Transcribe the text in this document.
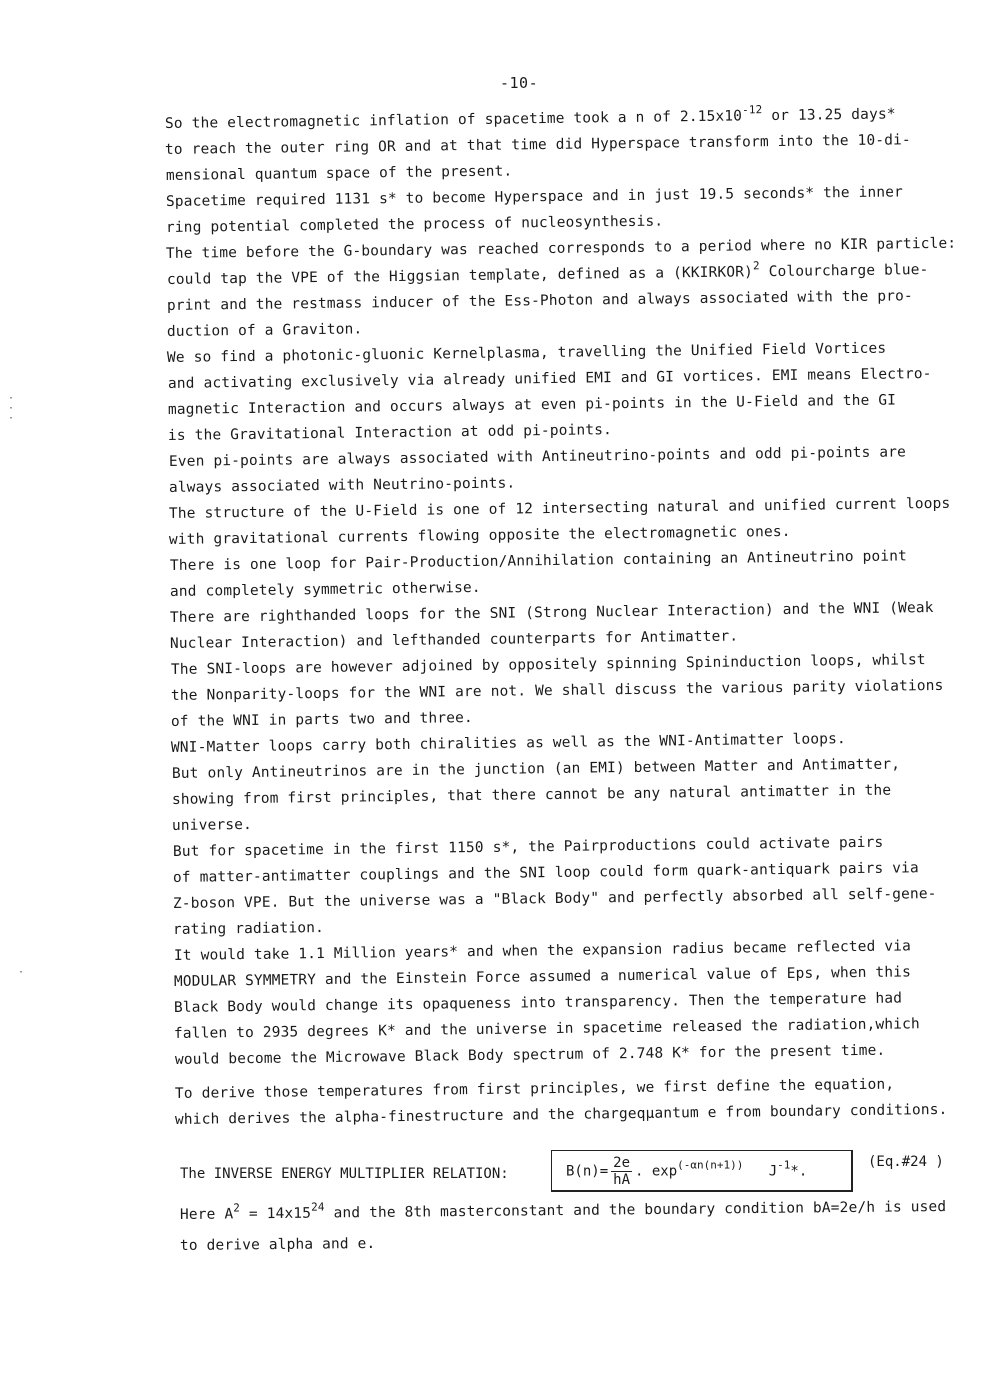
-10-
So the electromagnetic inflation of spacetime took a n of $2.15x10^{-12}$ or 13.25 days*
to reach the outer ring OR and at that time did Hyperspace transform into the 10-di-
mensional quantum space of the present.
Spacetime required 1131 s* to become Hyperspace and in just 19.5 seconds* the inner
ring potential completed the process of nucleosynthesis.
The time before the G-boundary was reached corresponds to a period where no KIR particle:
could tap the VPE of the Higgsian template, defined as a (KKIRKOR)$^2$ Colourcharge blue-
print and the restmass inducer of the Ess-Photon and always associated with the pro-
duction of a Graviton.
We so find a photonic-gluonic Kernelplasma, travelling the Unified Field Vortices
and activating exclusively via already unified EMI and GI vortices. EMI means Electro-
magnetic Interaction and occurs always at even pi-points in the U-Field and the GI
is the Gravitational Interaction at odd pi-points.
Even pi-points are always associated with Antineutrino-points and odd pi-points are
always associated with Neutrino-points.
The structure of the U-Field is one of 12 intersecting natural and unified current loops
with gravitational currents flowing opposite the electromagnetic ones.
There is one loop for Pair-Production/Annihilation containing an Antineutrino point
and completely symmetric otherwise.
There are righthanded loops for the SNI (Strong Nuclear Interaction) and the WNI (Weak
Nuclear Interaction) and lefthanded counterparts for Antimatter.
The SNI-loops are however adjoined by oppositely spinning Spininduction loops, whilst
the Nonparity-loops for the WNI are not. We shall discuss the various parity violations
of the WNI in parts two and three.
WNI-Matter loops carry both chiralities as well as the WNI-Antimatter loops.
But only Antineutrinos are in the junction (an EMI) between Matter and Antimatter,
showing from first principles, that there cannot be any natural antimatter in the
universe.
But for spacetime in the first 1150 s*, the Pairproductions could activate pairs
of matter-antimatter couplings and the SNI loop could form quark-antiquark pairs via
Z-boson VPE. But the universe was a "Black Body" and perfectly absorbed all self-gene-
rating radiation.
It would take 1.1 Million years* and when the expansion radius became reflected via
MODULAR SYMMETRY and the Einstein Force assumed a numerical value of Eps, when this
Black Body would change its opaqueness into transparency. Then the temperature had
fallen to 2935 degrees K* and the universe in spacetime released the radiation,which
would become the Microwave Black Body spectrum of 2.748 K* for the present time.
To derive those temperatures from first principles, we first define the equation,
which derives the alpha-finestructure and the chargeqµantum e from boundary conditions.
·
·
·
·
The INVERSE ENERGY MULTIPLIER RELATION:	$B(n)= \frac{2e}{hA}$ . $\exp^{(-\alpha n(n+1))} J^{-1}*$.
(Eq.#24 )
Here $A^2 = 14x15^{24}$ and the 8th masterconstant and the boundary condition bA=2e/h is used
to derive alpha and e.
